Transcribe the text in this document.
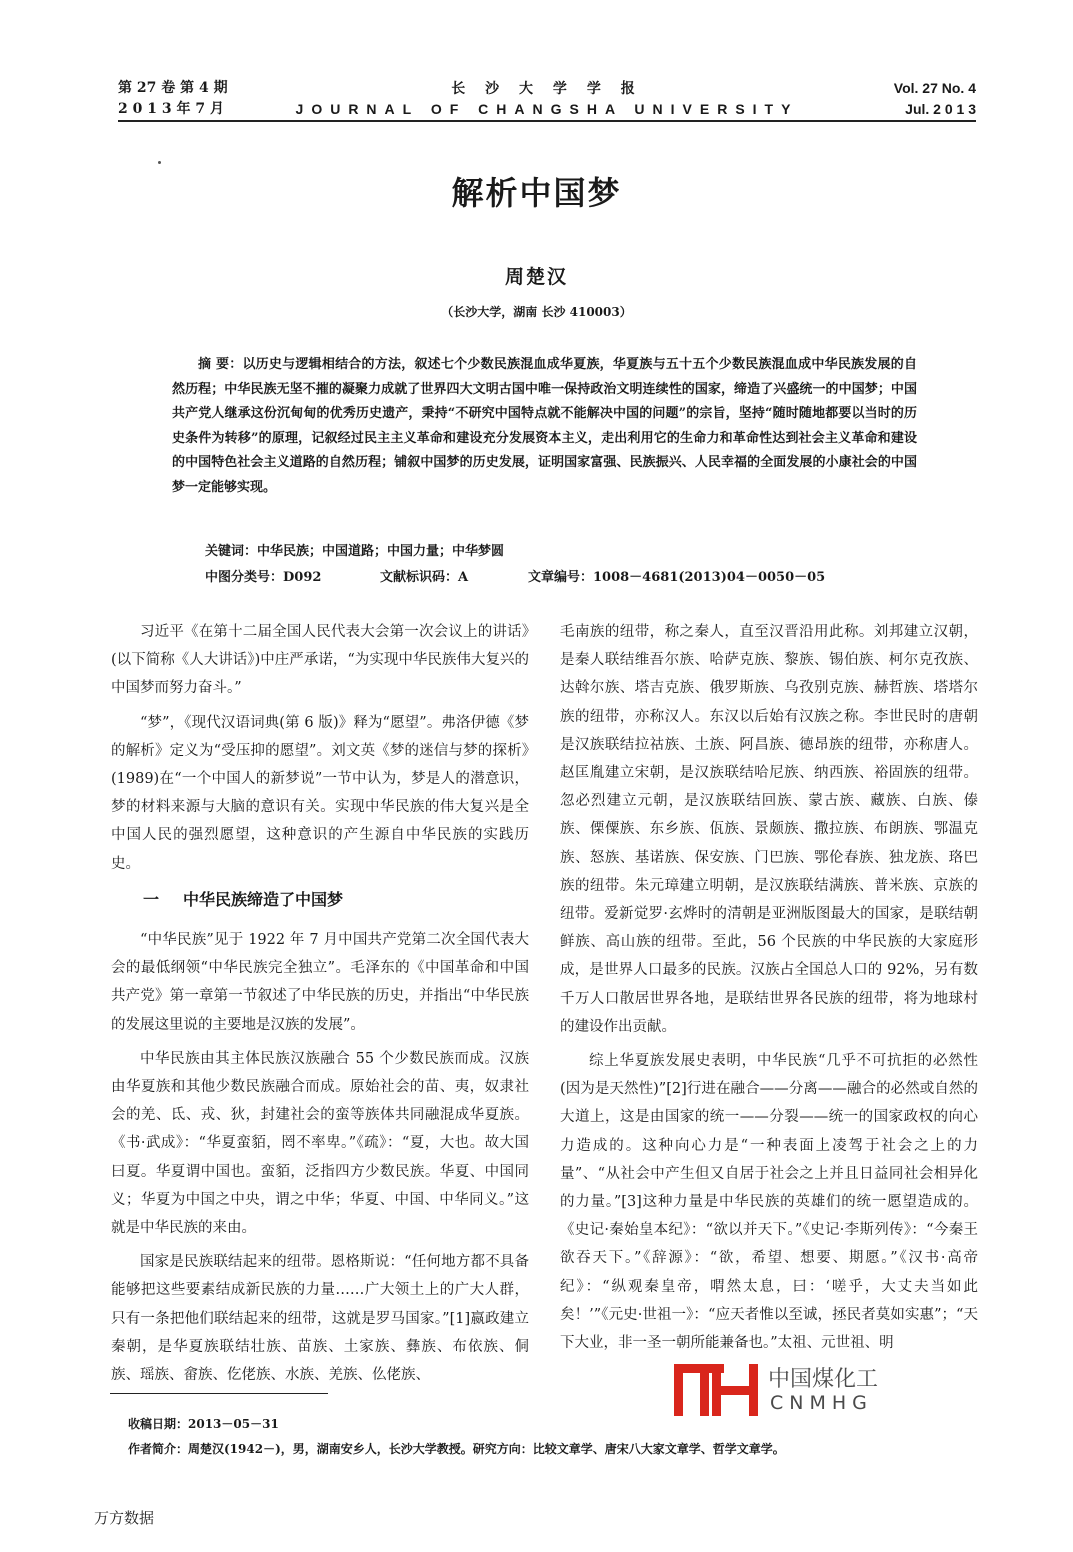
第 27 卷 第 4 期
2 0 1 3 年 7 月
长 沙 大 学 学 报
JOURNAL OF CHANGSHA UNIVERSITY
Vol. 27 No. 4
Jul. 2 0 1 3
解析中国梦
周楚汉
（长沙大学，湖南 长沙 410003）
摘 要：以历史与逻辑相结合的方法，叙述七个少数民族混血成华夏族，华夏族与五十五个少数民族混血成中华民族发展的自然历程；中华民族无坚不摧的凝聚力成就了世界四大文明古国中唯一保持政治文明连续性的国家，缔造了兴盛统一的中国梦；中国共产党人继承这份沉甸甸的优秀历史遗产，秉持“不研究中国特点就不能解决中国的问题”的宗旨，坚持“随时随地都要以当时的历史条件为转移”的原理，记叙经过民主主义革命和建设充分发展资本主义，走出利用它的生命力和革命性达到社会主义革命和建设的中国特色社会主义道路的自然历程；铺叙中国梦的历史发展，证明国家富强、民族振兴、人民幸福的全面发展的小康社会的中国梦一定能够实现。
关键词：中华民族；中国道路；中国力量；中华梦圆
中图分类号：D092	文献标识码：A	文章编号：1008－4681(2013)04－0050－05

习近平《在第十二届全国人民代表大会第一次会议上的讲话》(以下简称《人大讲话》)中庄严承诺，“为实现中华民族伟大复兴的中国梦而努力奋斗。”

“梦”，《现代汉语词典(第 6 版)》释为“愿望”。弗洛伊德《梦的解析》定义为“受压抑的愿望”。刘文英《梦的迷信与梦的探析》(1989)在“一个中国人的新梦说”一节中认为，梦是人的潜意识，梦的材料来源与大脑的意识有关。实现中华民族的伟大复兴是全中国人民的强烈愿望，这种意识的产生源自中华民族的实践历史。

一 中华民族缔造了中国梦

“中华民族”见于 1922 年 7 月中国共产党第二次全国代表大会的最低纲领“中华民族完全独立”。毛泽东的《中国革命和中国共产党》第一章第一节叙述了中华民族的历史，并指出“中华民族的发展这里说的主要地是汉族的发展”。

中华民族由其主体民族汉族融合 55 个少数民族而成。汉族由华夏族和其他少数民族融合而成。原始社会的苗、夷，奴隶社会的羌、氐、戎、狄，封建社会的蛮等族体共同融混成华夏族。《书·武成》：“华夏蛮貊，罔不率卑。”《疏》：“夏，大也。故大国曰夏。华夏谓中国也。蛮貊，泛指四方少数民族。华夏、中国同义；华夏为中国之中央，谓之中华；华夏、中国、中华同义。”这就是中华民族的来由。

国家是民族联结起来的纽带。恩格斯说：“任何地方都不具备能够把这些要素结成新民族的力量……广大领土上的广大人群，只有一条把他们联结起来的纽带，这就是罗马国家。”[1]嬴政建立秦朝，是华夏族联结壮族、苗族、土家族、彝族、布依族、侗族、瑶族、畲族、仡佬族、水族、羌族、仫佬族、

毛南族的纽带，称之秦人，直至汉晋沿用此称。刘邦建立汉朝，是秦人联结维吾尔族、哈萨克族、黎族、锡伯族、柯尔克孜族、达斡尔族、塔吉克族、俄罗斯族、乌孜别克族、赫哲族、塔塔尔族的纽带，亦称汉人。东汉以后始有汉族之称。李世民时的唐朝是汉族联结拉祜族、土族、阿昌族、德昂族的纽带，亦称唐人。赵匡胤建立宋朝，是汉族联结哈尼族、纳西族、裕固族的纽带。忽必烈建立元朝，是汉族联结回族、蒙古族、藏族、白族、傣族、傈僳族、东乡族、佤族、景颇族、撒拉族、布朗族、鄂温克族、怒族、基诺族、保安族、门巴族、鄂伦春族、独龙族、珞巴族的纽带。朱元璋建立明朝，是汉族联结满族、普米族、京族的纽带。爱新觉罗·玄烨时的清朝是亚洲版图最大的国家，是联结朝鲜族、高山族的纽带。至此，56 个民族的中华民族的大家庭形成，是世界人口最多的民族。汉族占全国总人口的 92%，另有数千万人口散居世界各地，是联结世界各民族的纽带，将为地球村的建设作出贡献。

综上华夏族发展史表明，中华民族“几乎不可抗拒的必然性(因为是天然性)”[2]行进在融合——分离——融合的必然或自然的大道上，这是由国家的统一——分裂——统一的国家政权的向心力造成的。这种向心力是“一种表面上凌驾于社会之上的力量”、“从社会中产生但又自居于社会之上并且日益同社会相异化的力量。”[3]这种力量是中华民族的英雄们的统一愿望造成的。《史记·秦始皇本纪》：“欲以并天下。”《史记·李斯列传》：“今秦王欲吞天下。”《辞源》：“欲，希望、想要、期愿。”《汉书·高帝纪》：“纵观秦皇帝，喟然太息，曰：‘嗟乎，大丈夫当如此矣！’”《元史·世祖一》：“应天者惟以至诚，拯民者莫如实惠”；“天下大业，非一圣一朝所能兼备也。”太祖、元世祖、明

中国煤化工
CNMHG
收稿日期：2013－05－31
作者简介：周楚汉(1942－)，男，湖南安乡人，长沙大学教授。研究方向：比较文章学、唐宋八大家文章学、哲学文章学。
万方数据
